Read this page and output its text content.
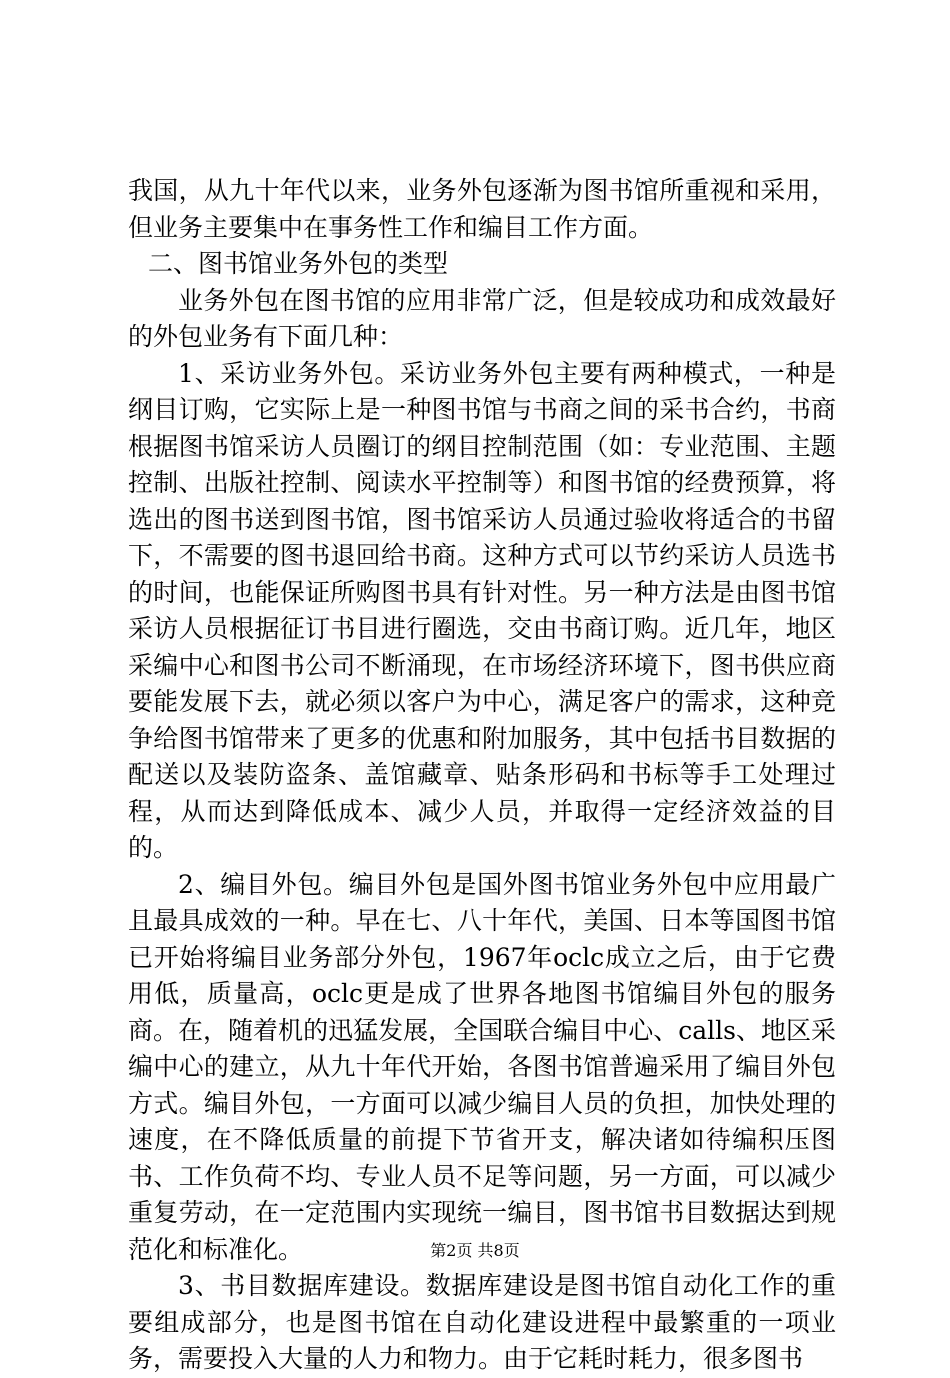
我国，从九十年代以来，业务外包逐渐为图书馆所重视和采用，但业务主要集中在事务性工作和编目工作方面。

二、图书馆业务外包的类型

业务外包在图书馆的应用非常广泛，但是较成功和成效最好的外包业务有下面几种：

1、采访业务外包。采访业务外包主要有两种模式，一种是纲目订购，它实际上是一种图书馆与书商之间的采书合约，书商根据图书馆采访人员圈订的纲目控制范围（如：专业范围、主题控制、出版社控制、阅读水平控制等）和图书馆的经费预算，将选出的图书送到图书馆，图书馆采访人员通过验收将适合的书留下，不需要的图书退回给书商。这种方式可以节约采访人员选书的时间，也能保证所购图书具有针对性。另一种方法是由图书馆采访人员根据征订书目进行圈选，交由书商订购。近几年，地区采编中心和图书公司不断涌现，在市场经济环境下，图书供应商要能发展下去，就必须以客户为中心，满足客户的需求，这种竞争给图书馆带来了更多的优惠和附加服务，其中包括书目数据的配送以及装防盗条、盖馆藏章、贴条形码和书标等手工处理过程，从而达到降低成本、减少人员，并取得一定经济效益的目的。

2、编目外包。编目外包是国外图书馆业务外包中应用最广且最具成效的一种。早在七、八十年代，美国、日本等国图书馆已开始将编目业务部分外包，1967年oclc成立之后，由于它费用低，质量高，oclc更是成了世界各地图书馆编目外包的服务商。在，随着机的迅猛发展，全国联合编目中心、calls、地区采编中心的建立，从九十年代开始，各图书馆普遍采用了编目外包方式。编目外包，一方面可以减少编目人员的负担，加快处理的速度，在不降低质量的前提下节省开支，解决诸如待编积压图书、工作负荷不均、专业人员不足等问题，另一方面，可以减少重复劳动，在一定范围内实现统一编目，图书馆书目数据达到规范化和标准化。

3、书目数据库建设。数据库建设是图书馆自动化工作的重要组成部分，也是图书馆在自动化建设进程中最繁重的一项业务，需要投入大量的人力和物力。由于它耗时耗力，很多图书

第2页 共8页
